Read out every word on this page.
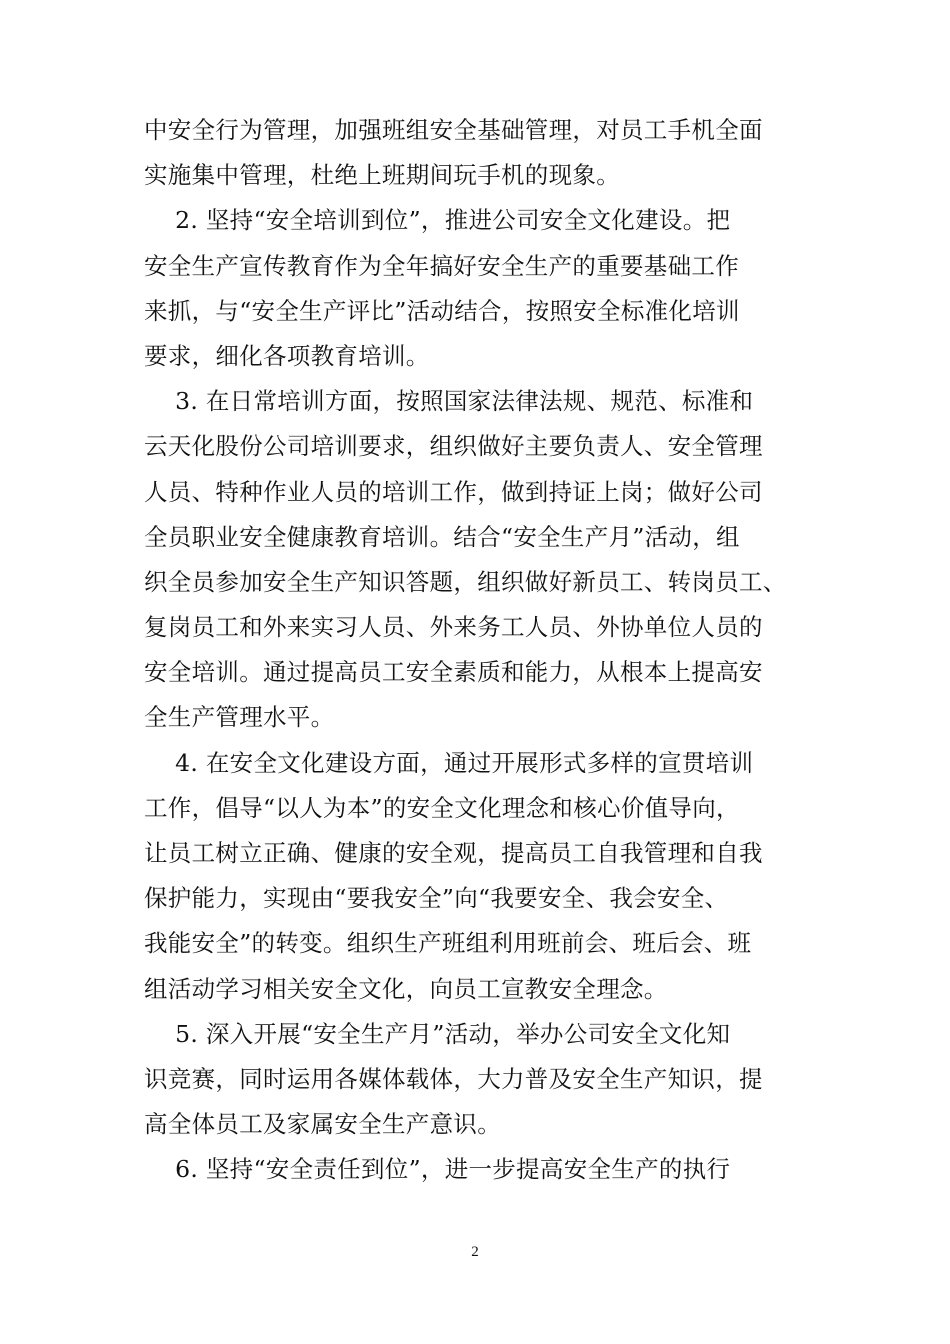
中安全行为管理，加强班组安全基础管理，对员工手机全面
实施集中管理，杜绝上班期间玩手机的现象。
2. 坚持“安全培训到位”，推进公司安全文化建设。把
安全生产宣传教育作为全年搞好安全生产的重要基础工作
来抓，与“安全生产评比”活动结合，按照安全标准化培训
要求，细化各项教育培训。
3. 在日常培训方面，按照国家法律法规、规范、标准和
云天化股份公司培训要求，组织做好主要负责人、安全管理
人员、特种作业人员的培训工作，做到持证上岗；做好公司
全员职业安全健康教育培训。结合“安全生产月”活动，组
织全员参加安全生产知识答题，组织做好新员工、转岗员工、
复岗员工和外来实习人员、外来务工人员、外协单位人员的
安全培训。通过提高员工安全素质和能力，从根本上提高安
全生产管理水平。
4. 在安全文化建设方面，通过开展形式多样的宣贯培训
工作，倡导“以人为本”的安全文化理念和核心价值导向，
让员工树立正确、健康的安全观，提高员工自我管理和自我
保护能力，实现由“要我安全”向“我要安全、我会安全、
我能安全”的转变。组织生产班组利用班前会、班后会、班
组活动学习相关安全文化，向员工宣教安全理念。
5. 深入开展“安全生产月”活动，举办公司安全文化知
识竞赛，同时运用各媒体载体，大力普及安全生产知识，提
高全体员工及家属安全生产意识。
6. 坚持“安全责任到位”，进一步提高安全生产的执行
2
